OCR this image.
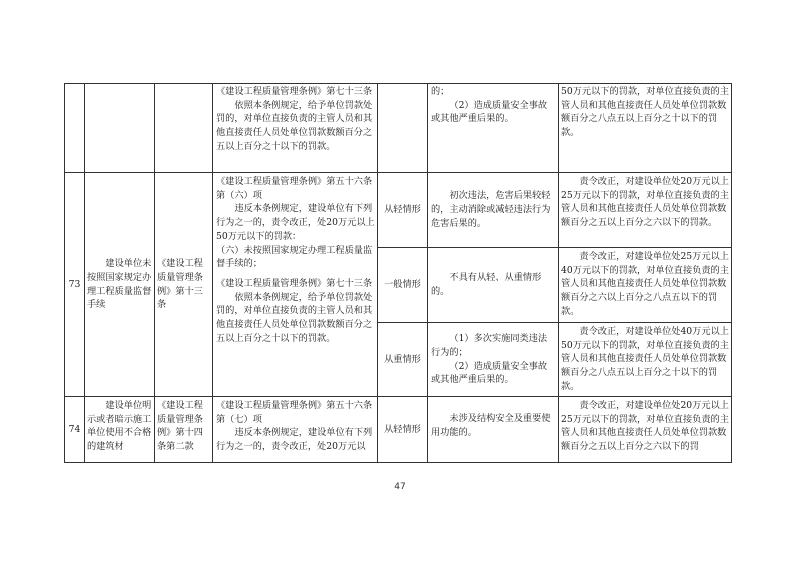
《建设工程质量管理条例》第七十三条

依照本条例规定，给予单位罚款处罚的，对单位直接负责的主管人员和其他直接责任人员处单位罚款数额百分之五以上百分之十以下的罚款。

的；

（2）造成质量安全事故或其他严重后果的。

50万元以下的罚款，对单位直接负责的主管人员和其他直接责任人员处单位罚款数额百分之八点五以上百分之十以下的罚款。

73

建设单位未按照国家规定办理工程质量监督手续

《建设工程质量管理条例》第十三条

《建设工程质量管理条例》第五十六条第（六）项

违反本条例规定，建设单位有下列行为之一的，责令改正，处20万元以上50万元以下的罚款：

（六）未按照国家规定办理工程质量监督手续的；

《建设工程质量管理条例》第七十三条

依照本条例规定，给予单位罚款处罚的，对单位直接负责的主管人员和其他直接责任人员处单位罚款数额百分之五以上百分之十以下的罚款。

从轻情形

初次违法，危害后果较轻的，主动消除或减轻违法行为危害后果的。

责令改正，对建设单位处20万元以上25万元以下的罚款，对单位直接负责的主管人员和其他直接责任人员处单位罚款数额百分之五以上百分之六以下的罚款。

一般情形

不具有从轻、从重情形的。

责令改正，对建设单位处25万元以上40万元以下的罚款，对单位直接负责的主管人员和其他直接责任人员处单位罚款数额百分之六以上百分之八点五以下的罚款。

从重情形

（1）多次实施同类违法行为的；

（2）造成质量安全事故或其他严重后果的。

责令改正，对建设单位处40万元以上50万元以下的罚款，对单位直接负责的主管人员和其他直接责任人员处单位罚款数额百分之八点五以上百分之十以下的罚款。

74

建设单位明示或者暗示施工单位使用不合格的建筑材

《建设工程质量管理条例》第十四条第二款

《建设工程质量管理条例》第五十六条第（七）项

违反本条例规定，建设单位有下列行为之一的，责令改正，处20万元以

从轻情形

未涉及结构安全及重要使用功能的。

责令改正，对建设单位处20万元以上25万元以下的罚款，对单位直接负责的主管人员和其他直接责任人员处单位罚款数额百分之五以上百分之六以下的罚

47
